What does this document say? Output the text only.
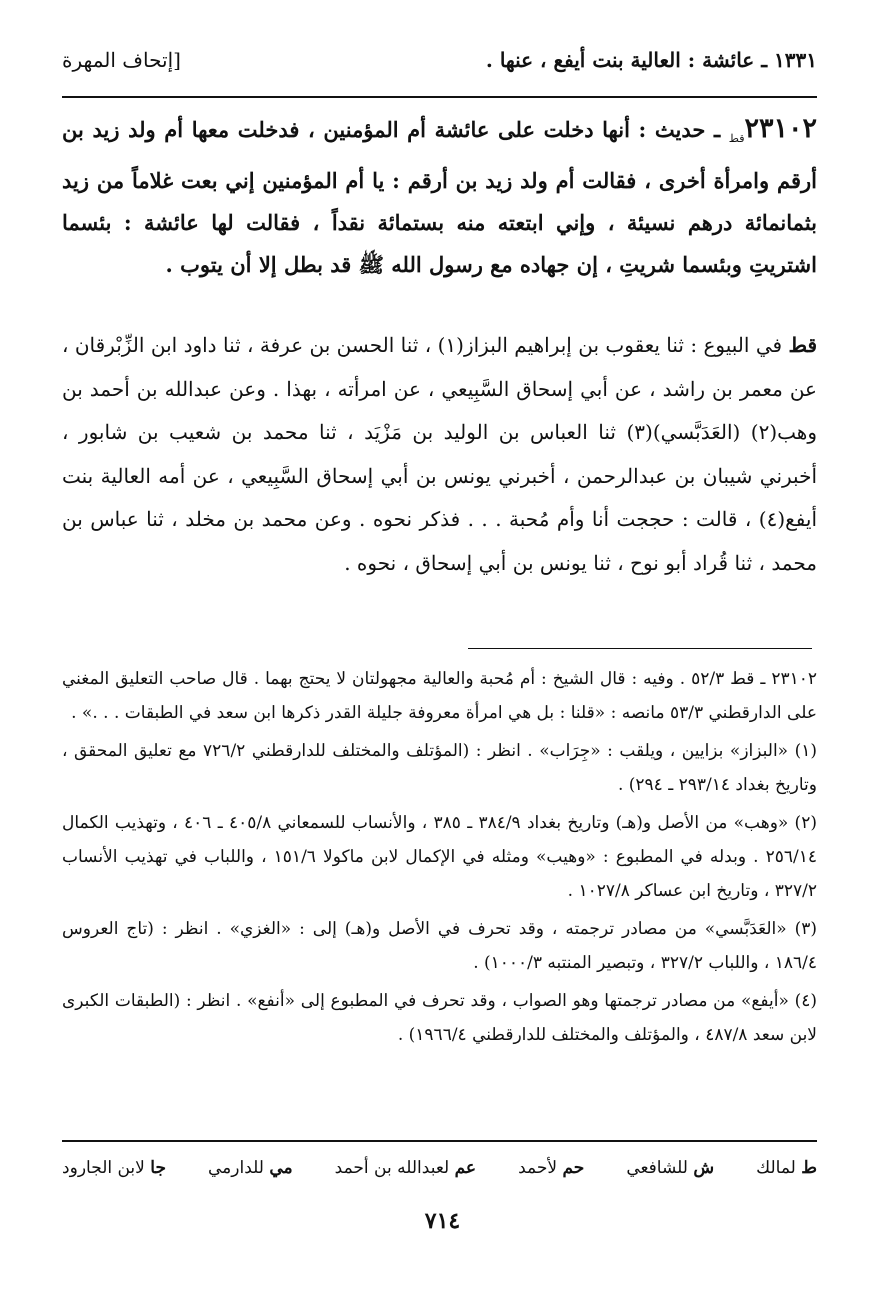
١٣٣١ ـ عائشة : العالية بنت أيفع ، عنها .
[إتحاف المهرة
$٢٣١٠٢_{قط}$ ـ حديث : أنها دخلت على عائشة أم المؤمنين ، فدخلت معها أم ولد زيد بن أرقم وامرأة أخرى ، فقالت أم ولد زيد بن أرقم : يا أم المؤمنين إني بعت غلاماً من زيد بثمانمائة درهم نسيئة ، وإني ابتعته منه بستمائة نقداً ، فقالت لها عائشة : بئسما اشتريتِ وبئسما شريتِ ، إن جهاده مع رسول الله ﷺ قد بطل إلا أن يتوب .
قط في البيوع : ثنا يعقوب بن إبراهيم البزاز(١) ، ثنا الحسن بن عرفة ، ثنا داود ابن الزِّبْرقان ، عن معمر بن راشد ، عن أبي إسحاق السَّبِيعي ، عن امرأته ، بهذا . وعن عبدالله بن أحمد بن وهب(٢) (العَدَبَّسي)(٣) ثنا العباس بن الوليد بن مَزْيَد ، ثنا محمد بن شعيب بن شابور ، أخبرني شيبان بن عبدالرحمن ، أخبرني يونس بن أبي إسحاق السَّبِيعي ، عن أمه العالية بنت أيفع(٤) ، قالت : حججت أنا وأم مُحبة . . . فذكر نحوه . وعن محمد بن مخلد ، ثنا عباس بن محمد ، ثنا قُراد أبو نوح ، ثنا يونس بن أبي إسحاق ، نحوه .

٢٣١٠٢ ـ قط ٥٢/٣ . وفيه : قال الشيخ : أم مُحبة والعالية مجهولتان لا يحتج بهما . قال صاحب التعليق المغني على الدارقطني ٥٣/٣ مانصه : «قلنا : بل هي امرأة معروفة جليلة القدر ذكرها ابن سعد في الطبقات . . .» .

(١) «البزاز» بزايين ، ويلقب : «جِرَاب» . انظر : (المؤتلف والمختلف للدارقطني ٧٢٦/٢ مع تعليق المحقق ، وتاريخ بغداد ٢٩٣/١٤ ـ ٢٩٤) .

(٢) «وهب» من الأصل و(هـ) وتاريخ بغداد ٣٨٤/٩ ـ ٣٨٥ ، والأنساب للسمعاني ٤٠٥/٨ ـ ٤٠٦ ، وتهذيب الكمال ٢٥٦/١٤ . وبدله في المطبوع : «وهيب» ومثله في الإكمال لابن ماكولا ١٥١/٦ ، واللباب في تهذيب الأنساب ٣٢٧/٢ ، وتاريخ ابن عساكر ١٠٢٧/٨ .

(٣) «العَدَبَّسي» من مصادر ترجمته ، وقد تحرف في الأصل و(هـ) إلى : «الغزي» . انظر : (تاج العروس ١٨٦/٤ ، واللباب ٣٢٧/٢ ، وتبصير المنتبه ١٠٠٠/٣) .

(٤) «أيفع» من مصادر ترجمتها وهو الصواب ، وقد تحرف في المطبوع إلى «أنفع» . انظر : (الطبقات الكبرى لابن سعد ٤٨٧/٨ ، والمؤتلف والمختلف للدارقطني ١٩٦٦/٤) .

ط لمالك
ش للشافعي
حم لأحمد
عم لعبدالله بن أحمد
مي للدارمي
جا لابن الجارود
٧١٤
